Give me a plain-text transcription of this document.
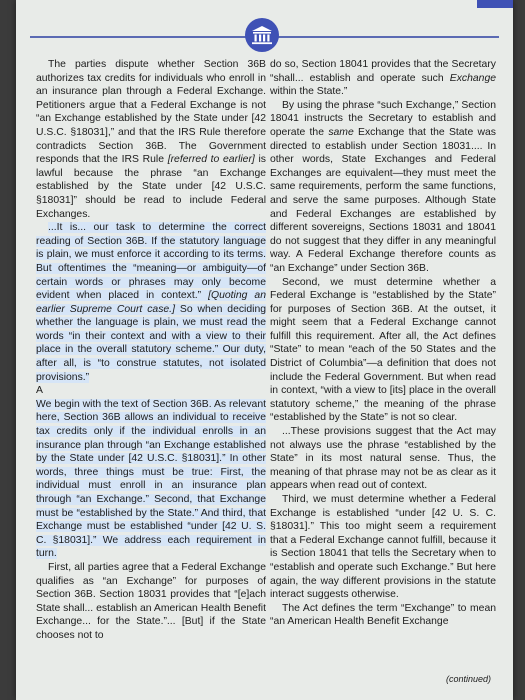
The parties dispute whether Section 36B authorizes tax credits for individuals who enroll in an insurance plan through a Federal Exchange. Petitioners argue that a Federal Exchange is not “an Exchange established by the State under [42 U.S.C. §18031],” and that the IRS Rule therefore contradicts Section 36B. The Government responds that the IRS Rule [referred to earlier] is lawful because the phrase “an Exchange established by the State under [42 U.S.C. §18031]” should be read to include Federal Exchanges.

...It is... our task to determine the correct reading of Section 36B. If the statutory language is plain, we must enforce it according to its terms. But oftentimes the “meaning—or ambiguity—of certain words or phrases may only become evident when placed in context.” [Quoting an earlier Supreme Court case.] So when deciding whether the language is plain, we must read the words “in their context and with a view to their place in the overall statutory scheme.” Our duty, after all, is “to construe statutes, not isolated provisions.”

A

We begin with the text of Section 36B. As relevant here, Section 36B allows an individual to receive tax credits only if the individual enrolls in an insurance plan through “an Exchange established by the State under [42 U.S.C. §18031].” In other words, three things must be true: First, the individual must enroll in an insurance plan through “an Exchange.” Second, that Exchange must be “established by the State.” And third, that Exchange must be established “under [42 U. S. C. §18031].” We address each requirement in turn.

First, all parties agree that a Federal Exchange qualifies as “an Exchange” for purposes of Section 36B. Section 18031 provides that “[e]ach State shall... establish an American Health Benefit Exchange... for the State.”... [But] if the State chooses not to

do so, Section 18041 provides that the Secretary “shall... establish and operate such Exchange within the State.”

By using the phrase “such Exchange,” Section 18041 instructs the Secretary to establish and operate the same Exchange that the State was directed to establish under Section 18031.... In other words, State Exchanges and Federal Exchanges are equivalent—they must meet the same requirements, perform the same functions, and serve the same purposes. Although State and Federal Exchanges are established by different sovereigns, Sections 18031 and 18041 do not suggest that they differ in any meaningful way. A Federal Exchange therefore counts as “an Exchange” under Section 36B.

Second, we must determine whether a Federal Exchange is “established by the State” for purposes of Section 36B. At the outset, it might seem that a Federal Exchange cannot fulfill this requirement. After all, the Act defines “State” to mean “each of the 50 States and the District of Columbia”—a definition that does not include the Federal Government. But when read in context, “with a view to [its] place in the overall statutory scheme,” the meaning of the phrase “established by the State” is not so clear.

...These provisions suggest that the Act may not always use the phrase “established by the State” in its most natural sense. Thus, the meaning of that phrase may not be as clear as it appears when read out of context.

Third, we must determine whether a Federal Exchange is established “under [42 U. S. C. §18031].” This too might seem a requirement that a Federal Exchange cannot fulfill, because it is Section 18041 that tells the Secretary when to “establish and operate such Exchange.” But here again, the way different provisions in the statute interact suggests otherwise.

The Act defines the term “Exchange” to mean “an American Health Benefit Exchange

(continued)
